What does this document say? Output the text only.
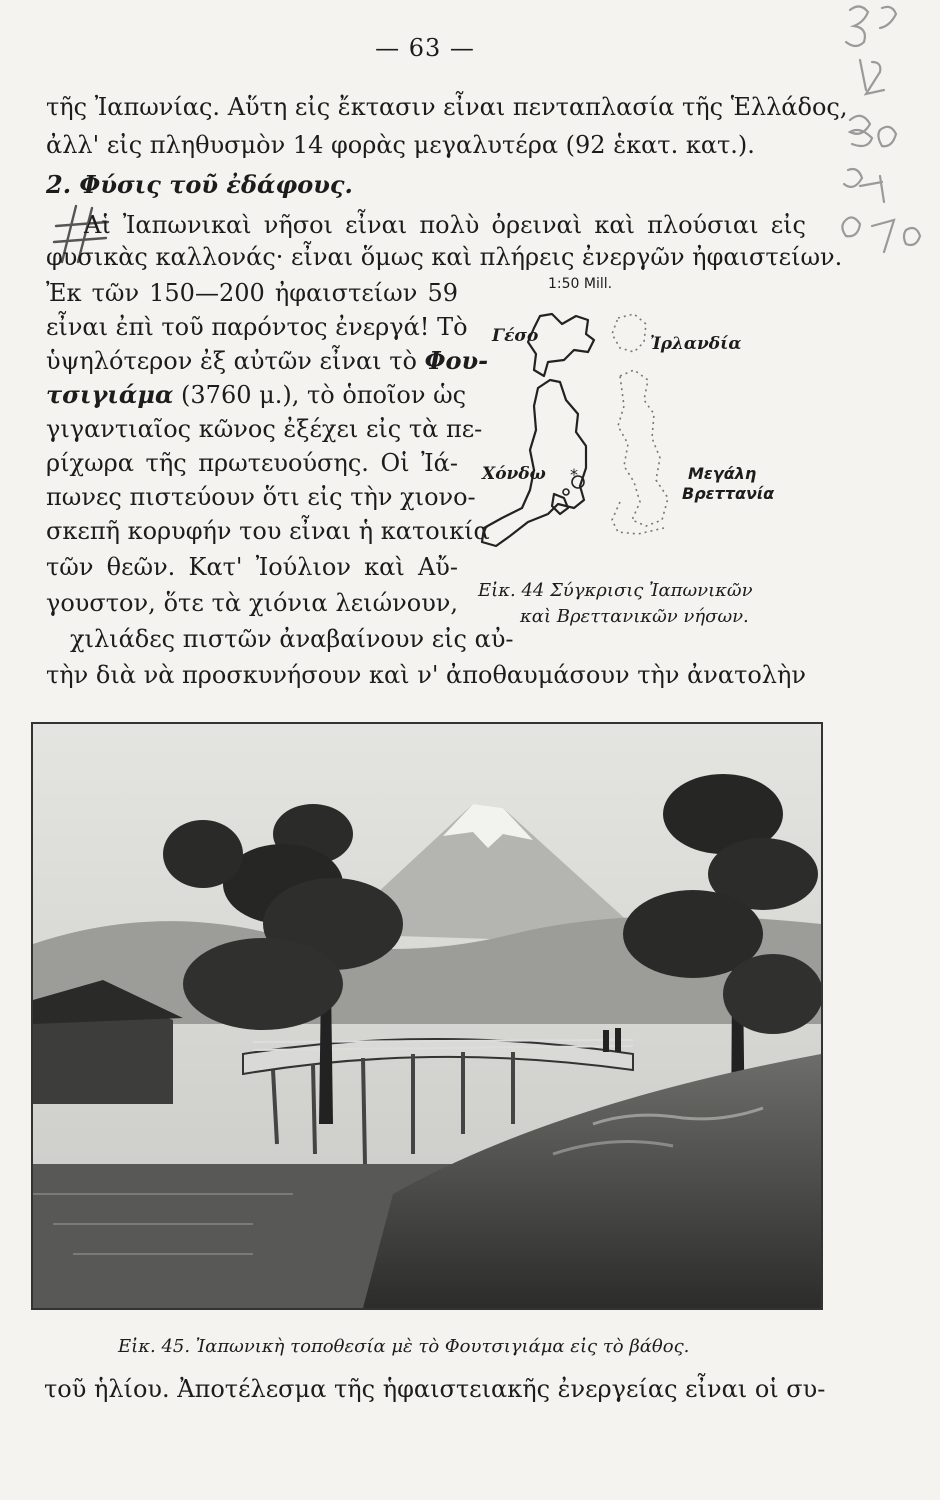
— 63 —
τῆς Ἰαπωνίας. Αὕτη εἰς ἔκτασιν εἶναι πενταπλασία τῆς Ἑλλάδος,
ἀλλ' εἰς πληθυσμὸν 14 φορὰς μεγαλυτέρα (92 ἑκατ. κατ.).
2. Φύσις τοῦ ἐδάφους.
Αἱ Ἰαπωνικαὶ νῆσοι εἶναι πολὺ ὀρειναὶ καὶ πλούσιαι εἰς
φυσικὰς καλλονάς· εἶναι ὅμως καὶ πλήρεις ἐνεργῶν ἠφαιστείων.
Ἐκ τῶν 150—200 ἠφαιστείων 59
εἶναι ἐπὶ τοῦ παρόντος ἐνεργά! Τὸ
ὑψηλότερον ἐξ αὐτῶν εἶναι τὸ Φου-
τσιγιάμα (3760 μ.), τὸ ὁποῖον ὡς
γιγαντιαῖος κῶνος ἐξέχει εἰς τὰ πε-
ρίχωρα τῆς πρωτευούσης. Οἱ Ἰά-
πωνες πιστεύουν ὅτι εἰς τὴν χιονο-
σκεπῆ κορυφήν του εἶναι ἡ κατοικία
τῶν θεῶν. Κατ' Ἰούλιον καὶ Αὔ-
γουστον, ὅτε τὰ χιόνια λειώνουν,
χιλιάδες πιστῶν ἀναβαίνουν εἰς αὐ-
τὴν διὰ νὰ προσκυνήσουν καὶ ν' ἀποθαυμάσουν τὴν ἀνατολὴν
1:50 Mill.
*
Γέσο	Ἰρλανδία
Χόνδω	Μεγάλη
Βρεττανία
Εἰκ. 44 Σύγκρισις Ἰαπωνικῶν
καὶ Βρεττανικῶν νήσων.
Εἰκ. 45. Ἰαπωνικὴ τοποθεσία μὲ τὸ Φουτσιγιάμα εἰς τὸ βάθος.
τοῦ ἡλίου. Ἀποτέλεσμα τῆς ἡφαιστειακῆς ἐνεργείας εἶναι οἱ συ-
